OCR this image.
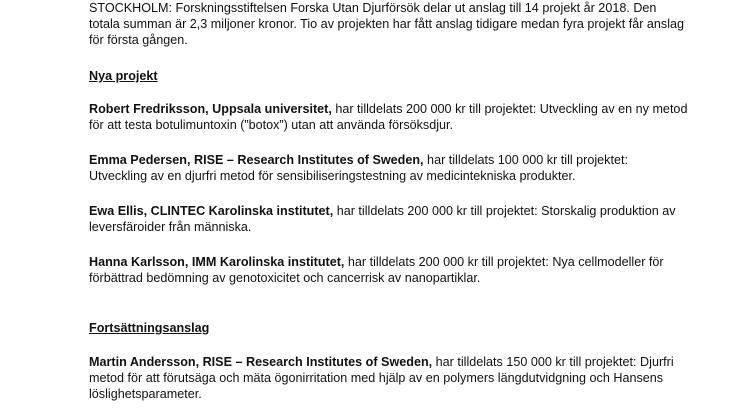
STOCKHOLM: Forskningsstiftelsen Forska Utan Djurförsök delar ut anslag till 14 projekt år 2018. Den totala summan är 2,3 miljoner kronor. Tio av projekten har fått anslag tidigare medan fyra projekt får anslag för första gången.

Nya projekt

Robert Fredriksson, Uppsala universitet, har tilldelats 200 000 kr till projektet: Utveckling av en ny metod för att testa botulimuntoxin (”botox”) utan att använda försöksdjur.

Emma Pedersen, RISE – Research Institutes of Sweden, har tilldelats 100 000 kr till projektet: Utveckling av en djurfri metod för sensibiliseringstestning av medicintekniska produkter.

Ewa Ellis, CLINTEC Karolinska institutet, har tilldelats 200 000 kr till projektet: Storskalig produktion av leversfäroider från människa.

Hanna Karlsson, IMM Karolinska institutet, har tilldelats 200 000 kr till projektet: Nya cellmodeller för förbättrad bedömning av genotoxicitet och cancerrisk av nanopartiklar.

Fortsättningsanslag

Martin Andersson, RISE – Research Institutes of Sweden, har tilldelats 150 000 kr till projektet: Djurfri metod för att förutsäga och mäta ögonirritation med hjälp av en polymers längdutvidgning och Hansens löslighetsparameter.
